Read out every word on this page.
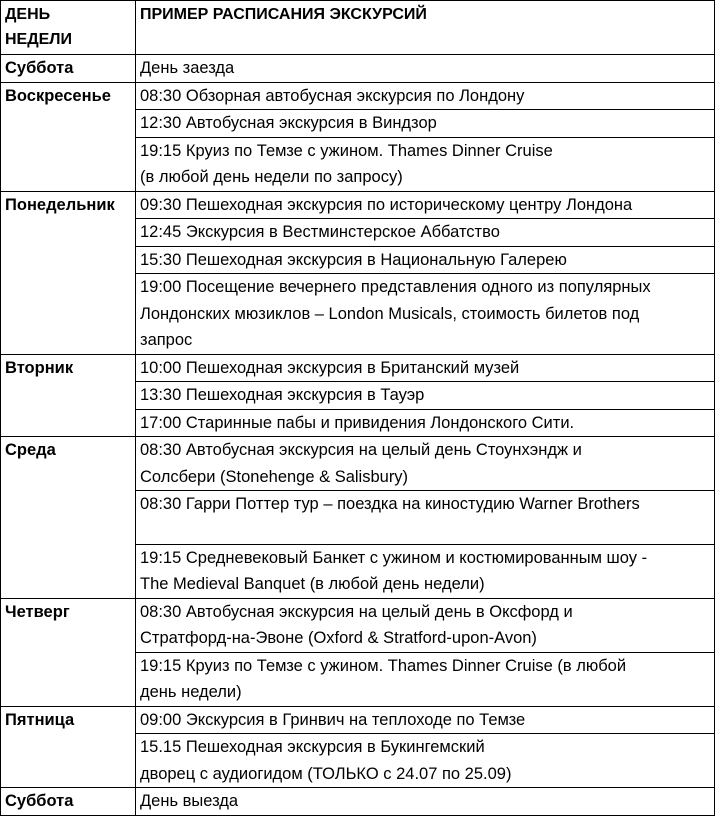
ДЕНЬ
НЕДЕЛИ	ПРИМЕР РАСПИСАНИЯ ЭКСКУРСИЙ
Суббота	День заезда
Воскресенье	08:30 Обзорная автобусная экскурсия по Лондону
	12:30 Автобусная экскурсия в Виндзор

	19:15 Круиз по Темзе с ужином. Thames Dinner Cruise
(в любой день недели по запросу)

Понедельник	09:30 Пешеходная экскурсия по историческому центру Лондона
	12:45 Экскурсия в Вестминстерское Аббатство
	15:30 Пешеходная экскурсия в Национальную Галерею

	19:00 Посещение вечернего представления одного из популярных
Лондонских мюзиклов – London Musicals, стоимость билетов под
запрос

Вторник	10:00 Пешеходная экскурсия в Британский музей
	13:30 Пешеходная экскурсия в Тауэр
	17:00 Старинные пабы и привидения Лондонского Сити.
Среда	08:30 Автобусная экскурсия на целый день Стоунхэндж и
Солсбери (Stonehenge & Salisbury)

	08:30 Гарри Поттер тур – поездка на киностудию Warner Brothers

	19:15 Средневековый Банкет с ужином и костюмированным шоу -
The Medieval Banquet (в любой день недели)

Четверг	08:30 Автобусная экскурсия на целый день в Оксфорд и
Стратфорд-на-Эвоне (Oxford & Stratford-upon-Avon)

	19:15 Круиз по Темзе с ужином. Thames Dinner Cruise (в любой
день недели)

Пятница	09:00 Экскурсия в Гринвич на теплоходе по Темзе

	15.15 Пешеходная экскурсия в Букингемский
дворец с аудиогидом (ТОЛЬКО с 24.07 по 25.09)

Суббота	День выезда
